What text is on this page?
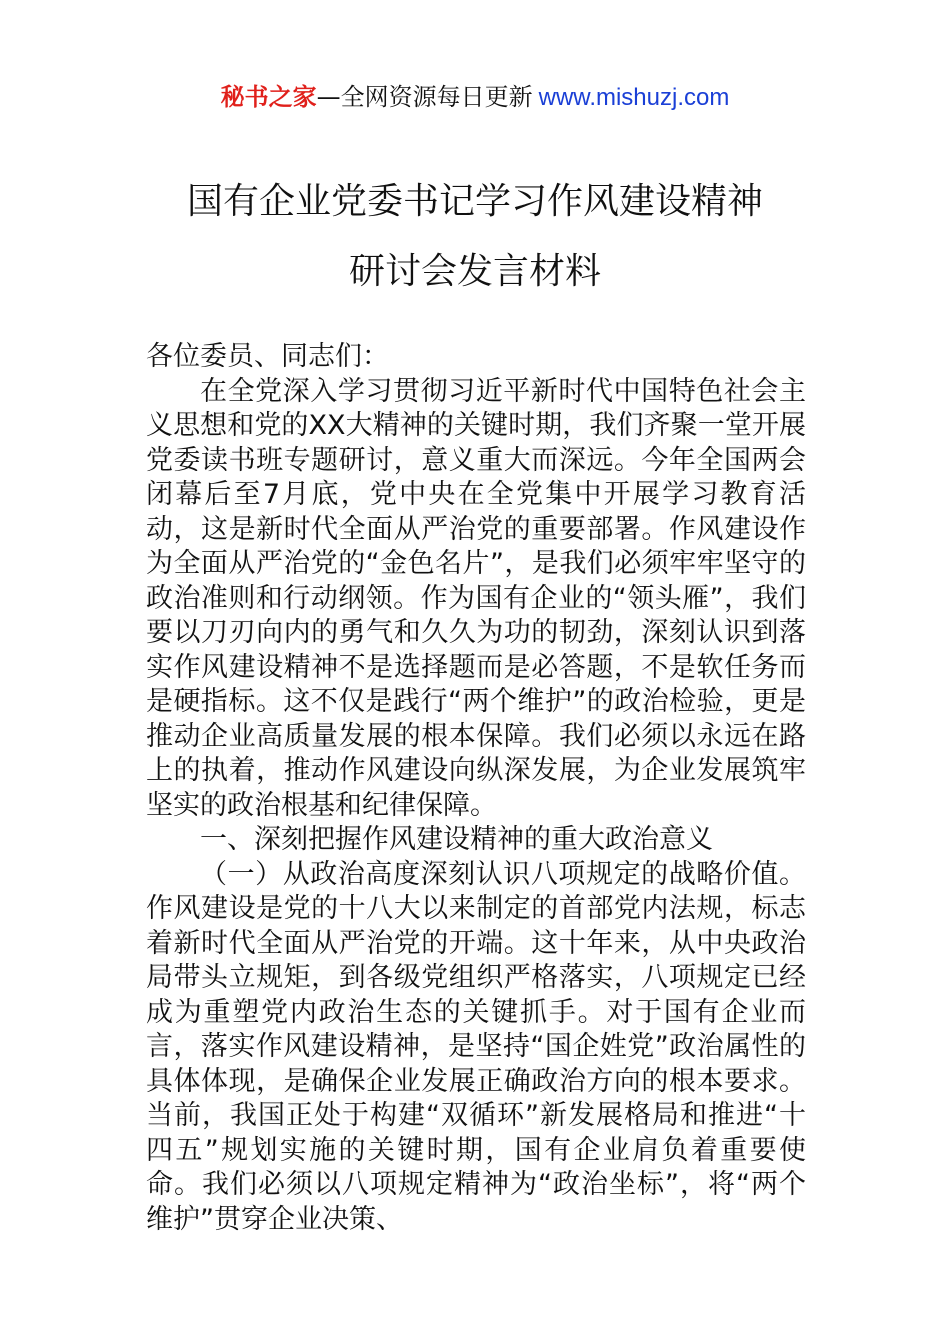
秘书之家—全网资源每日更新 www.mishuzj.com
国有企业党委书记学习作风建设精神
研讨会发言材料

各位委员、同志们：

在全党深入学习贯彻习近平新时代中国特色社会主义思想和党的XX大精神的关键时期，我们齐聚一堂开展党委读书班专题研讨，意义重大而深远。今年全国两会闭幕后至7月底，党中央在全党集中开展学习教育活动，这是新时代全面从严治党的重要部署。作风建设作为全面从严治党的“金色名片”，是我们必须牢牢坚守的政治准则和行动纲领。作为国有企业的“领头雁”，我们要以刀刃向内的勇气和久久为功的韧劲，深刻认识到落实作风建设精神不是选择题而是必答题，不是软任务而是硬指标。这不仅是践行“两个维护”的政治检验，更是推动企业高质量发展的根本保障。我们必须以永远在路上的执着，推动作风建设向纵深发展，为企业发展筑牢坚实的政治根基和纪律保障。

一、深刻把握作风建设精神的重大政治意义

（一）从政治高度深刻认识八项规定的战略价值。作风建设是党的十八大以来制定的首部党内法规，标志着新时代全面从严治党的开端。这十年来，从中央政治局带头立规矩，到各级党组织严格落实，八项规定已经成为重塑党内政治生态的关键抓手。对于国有企业而言，落实作风建设精神，是坚持“国企姓党”政治属性的具体体现，是确保企业发展正确政治方向的根本要求。当前，我国正处于构建“双循环”新发展格局和推进“十四五”规划实施的关键时期，国有企业肩负着重要使命。我们必须以八项规定精神为“政治坐标”，将“两个维护”贯穿企业决策、
